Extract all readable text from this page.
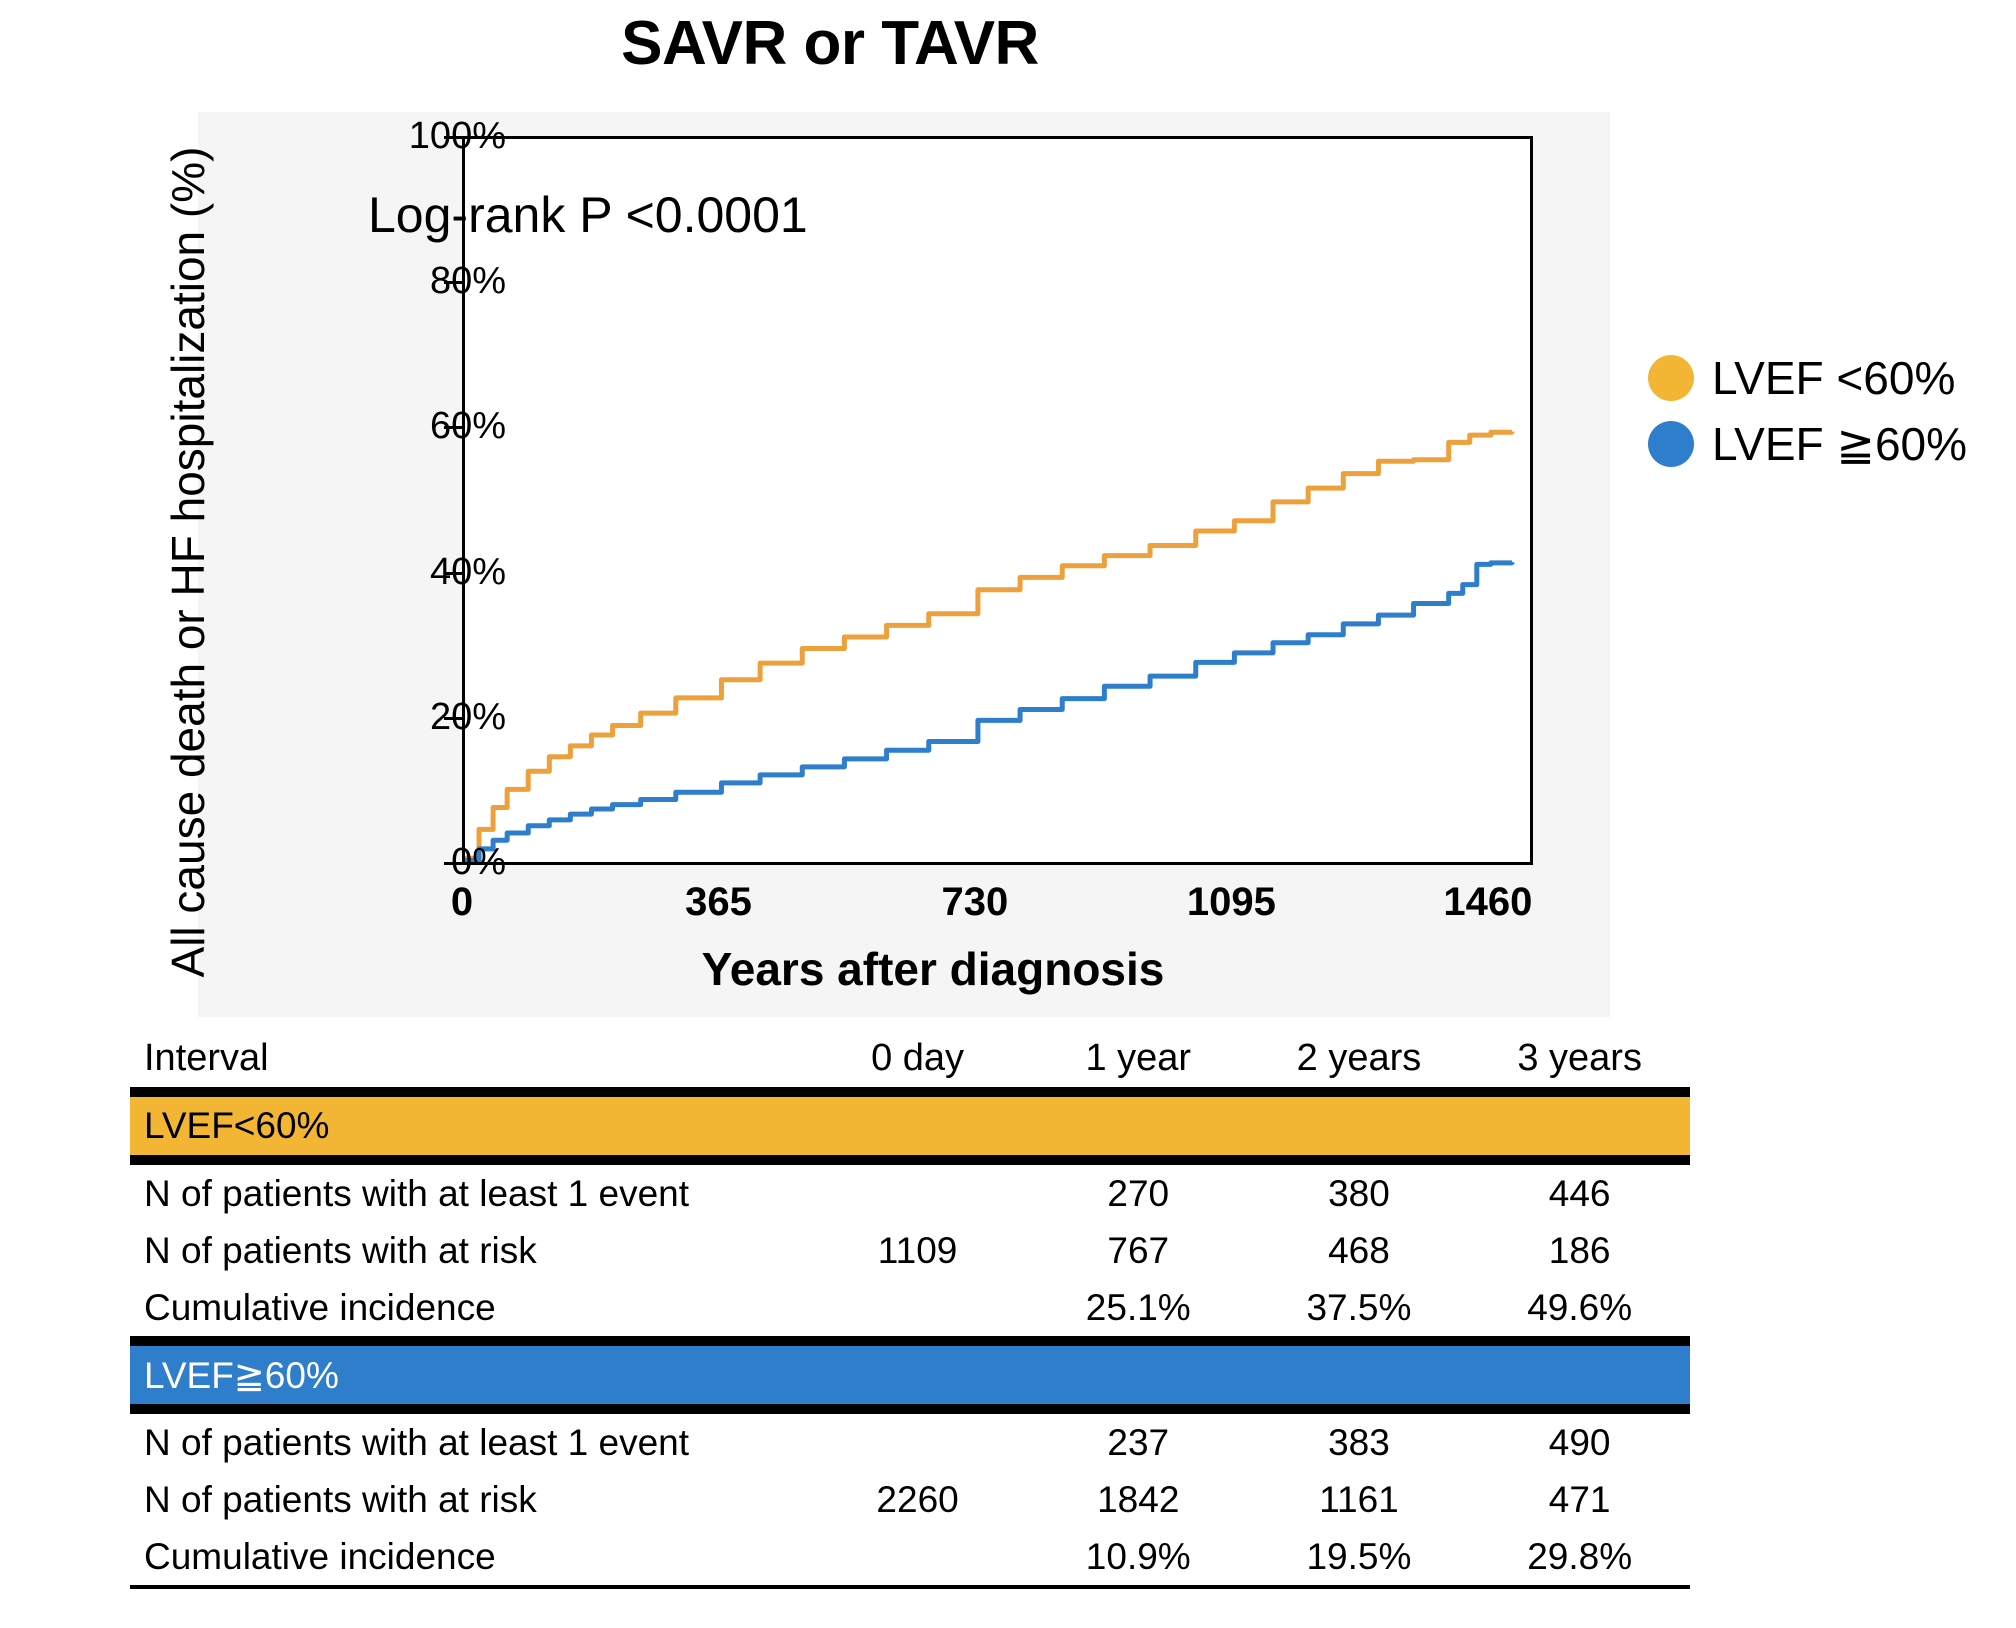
SAVR or TAVR
All cause death or HF hospitalization (%)	0%
20%
40%
60%
80%
100%
0	365	730	1095	1460
Log-rank P <0.0001
Years after diagnosis
LVEF <60%
LVEF ≧60%
Interval	0 day	1 year	2 years	3 years

LVEF<60%				

N of patients with at least 1 event		270	380	446
N of patients with at risk	1109	767	468	186
Cumulative incidence		25.1%	37.5%	49.6%

LVEF≧60%				

N of patients with at least 1 event		237	383	490
N of patients with at risk	2260	1842	1161	471
Cumulative incidence		10.9%	19.5%	29.8%
